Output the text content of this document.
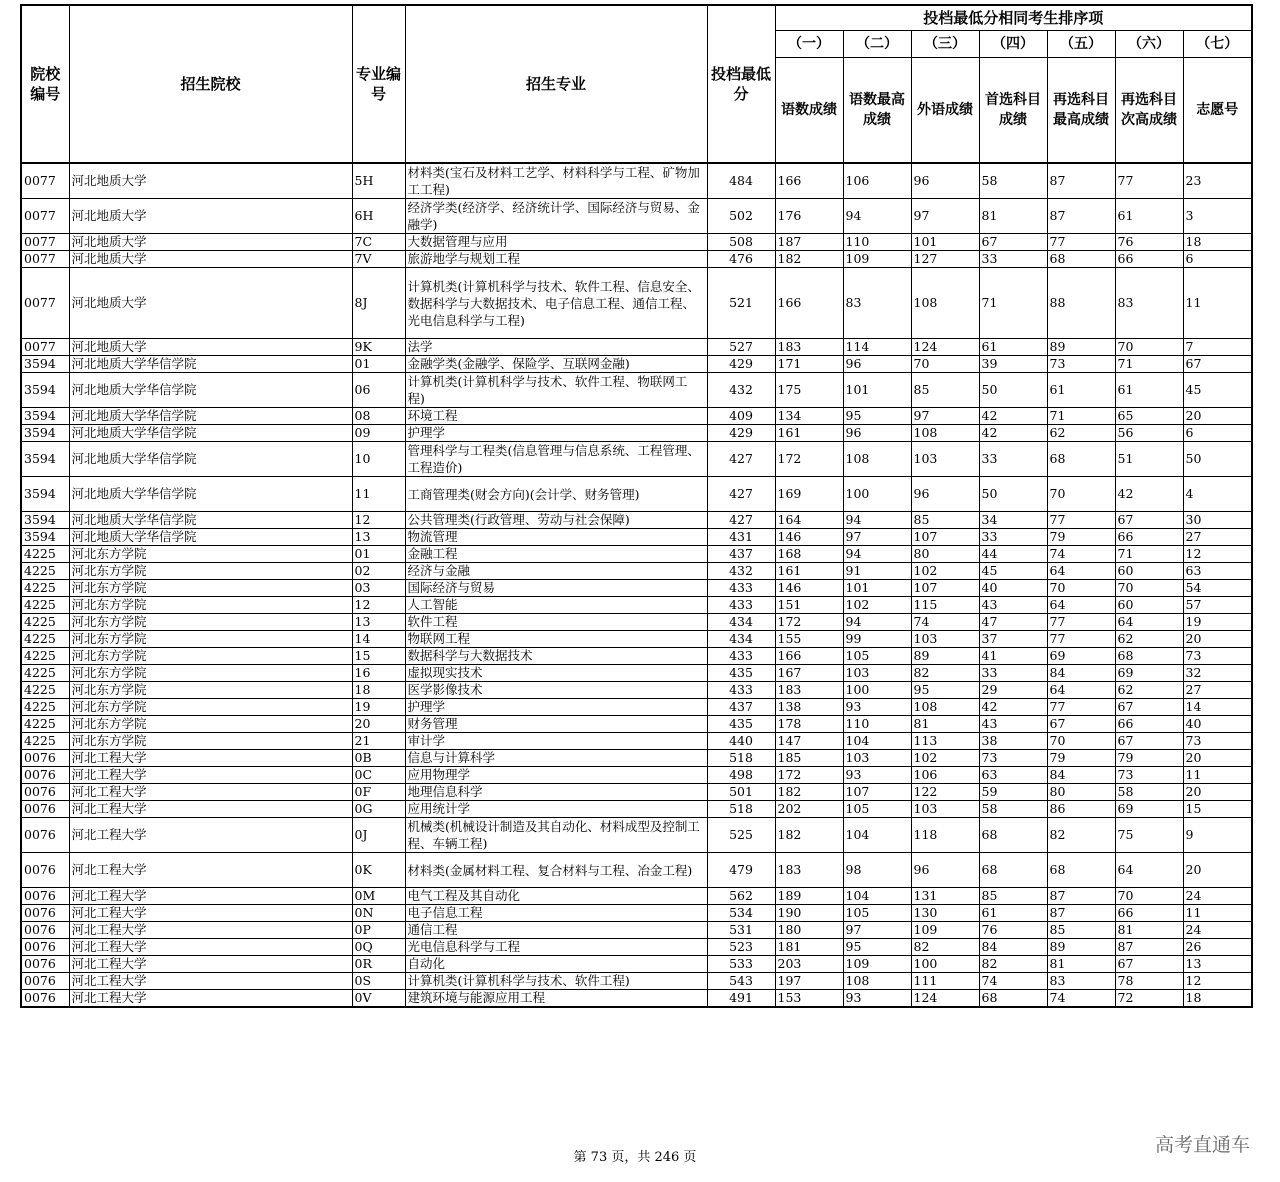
院校编号	招生院校	专业编号	招生专业	投档最低分	投档最低分相同考生排序项						
					（一）	（二）	（三）	（四）	（五）	（六）	（七）
					语数成绩	语数最高成绩	外语成绩	首选科目成绩	再选科目最高成绩	再选科目次高成绩	志愿号
0077	河北地质大学	5H	材料类(宝石及材料工艺学、材料科学与工程、矿物加工工程)	484	166	106	96	58	87	77	23
0077	河北地质大学	6H	经济学类(经济学、经济统计学、国际经济与贸易、金融学)	502	176	94	97	81	87	61	3
0077	河北地质大学	7C	大数据管理与应用	508	187	110	101	67	77	76	18
0077	河北地质大学	7V	旅游地学与规划工程	476	182	109	127	33	68	66	6
0077	河北地质大学	8J	计算机类(计算机科学与技术、软件工程、信息安全、数据科学与大数据技术、电子信息工程、通信工程、光电信息科学与工程)	521	166	83	108	71	88	83	11
0077	河北地质大学	9K	法学	527	183	114	124	61	89	70	7
3594	河北地质大学华信学院	01	金融学类(金融学、保险学、互联网金融)	429	171	96	70	39	73	71	67
3594	河北地质大学华信学院	06	计算机类(计算机科学与技术、软件工程、物联网工程)	432	175	101	85	50	61	61	45
3594	河北地质大学华信学院	08	环境工程	409	134	95	97	42	71	65	20
3594	河北地质大学华信学院	09	护理学	429	161	96	108	42	62	56	6
3594	河北地质大学华信学院	10	管理科学与工程类(信息管理与信息系统、工程管理、工程造价)	427	172	108	103	33	68	51	50
3594	河北地质大学华信学院	11	工商管理类(财会方向)(会计学、财务管理)	427	169	100	96	50	70	42	4
3594	河北地质大学华信学院	12	公共管理类(行政管理、劳动与社会保障)	427	164	94	85	34	77	67	30
3594	河北地质大学华信学院	13	物流管理	431	146	97	107	33	79	66	27
4225	河北东方学院	01	金融工程	437	168	94	80	44	74	71	12
4225	河北东方学院	02	经济与金融	432	161	91	102	45	64	60	63
4225	河北东方学院	03	国际经济与贸易	433	146	101	107	40	70	70	54
4225	河北东方学院	12	人工智能	433	151	102	115	43	64	60	57
4225	河北东方学院	13	软件工程	434	172	94	74	47	77	64	19
4225	河北东方学院	14	物联网工程	434	155	99	103	37	77	62	20
4225	河北东方学院	15	数据科学与大数据技术	433	166	105	89	41	69	68	73
4225	河北东方学院	16	虚拟现实技术	435	167	103	82	33	84	69	32
4225	河北东方学院	18	医学影像技术	433	183	100	95	29	64	62	27
4225	河北东方学院	19	护理学	437	138	93	108	42	77	67	14
4225	河北东方学院	20	财务管理	435	178	110	81	43	67	66	40
4225	河北东方学院	21	审计学	440	147	104	113	38	70	67	73
0076	河北工程大学	0B	信息与计算科学	518	185	103	102	73	79	79	20
0076	河北工程大学	0C	应用物理学	498	172	93	106	63	84	73	11
0076	河北工程大学	0F	地理信息科学	501	182	107	122	59	80	58	20
0076	河北工程大学	0G	应用统计学	518	202	105	103	58	86	69	15
0076	河北工程大学	0J	机械类(机械设计制造及其自动化、材料成型及控制工程、车辆工程)	525	182	104	118	68	82	75	9
0076	河北工程大学	0K	材料类(金属材料工程、复合材料与工程、冶金工程)	479	183	98	96	68	68	64	20
0076	河北工程大学	0M	电气工程及其自动化	562	189	104	131	85	87	70	24
0076	河北工程大学	0N	电子信息工程	534	190	105	130	61	87	66	11
0076	河北工程大学	0P	通信工程	531	180	97	109	76	85	81	24
0076	河北工程大学	0Q	光电信息科学与工程	523	181	95	82	84	89	87	26
0076	河北工程大学	0R	自动化	533	203	109	100	82	81	67	13
0076	河北工程大学	0S	计算机类(计算机科学与技术、软件工程)	543	197	108	111	74	83	78	12
0076	河北工程大学	0V	建筑环境与能源应用工程	491	153	93	124	68	74	72	18
第 73 页，共 246 页
高考直通车
